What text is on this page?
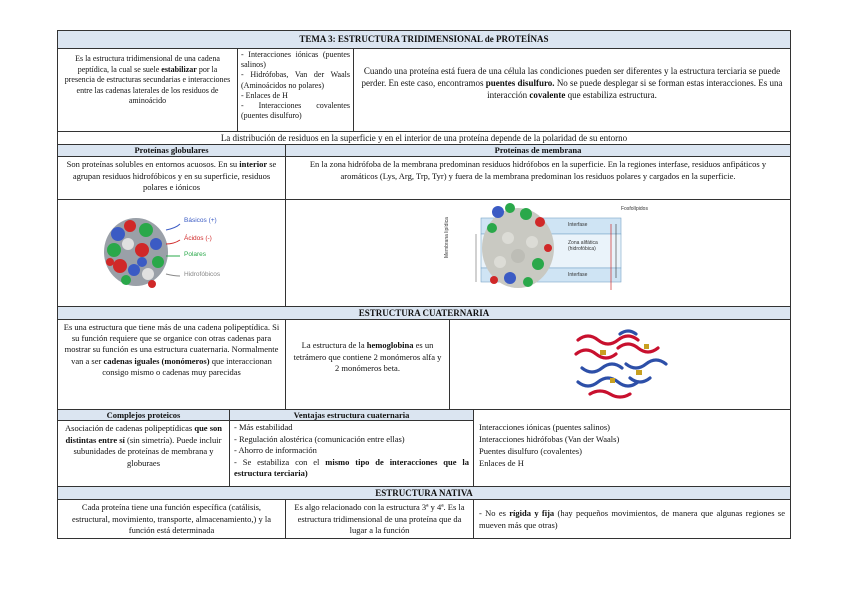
TEMA 3: ESTRUCTURA TRIDIMENSIONAL de PROTEÍNAS
Es la estructura tridimensional de una cadena peptídica, la cual se suele estabilizar por la presencia de estructuras secundarias e interacciones entre las cadenas laterales de los residuos de aminoácido

- Interacciones iónicas (puentes salinos)

- Hidrófobas, Van der Waals (Aminoácidos no polares)

- Enlaces de H

- Interacciones covalentes (puentes disulfuro)

Cuando una proteína está fuera de una célula las condiciones pueden ser diferentes y la estructura terciaria se puede perder. En este caso, encontramos puentes disulfuro. No se puede desplegar si se forman estas interacciones. Es una interacción covalente que estabiliza estructura.
La distribución de residuos en la superficie y en el interior de una proteína depende de la polaridad de su entorno
Proteínas globulares	Proteínas de membrana
Son proteínas solubles en entornos acuosos. En su interior se agrupan residuos hidrofóbicos y en su superficie, residuos polares e iónicos
En la zona hidrófoba de la membrana predominan residuos hidrófobos en la superficie. En la regiones interfase, residuos anfipáticos y aromáticos (Lys, Arg, Trp, Tyr) y fuera de la membrana predominan los residuos polares y cargados en la superficie.
Básicos (+)
Ácidos (-)
Polares
Hidrofóbicos
Fosfolípidos
Interfase
Zona alifática (hidrofóbica)
Interfase
Membrana lipídica
ESTRUCTURA CUATERNARIA
Es una estructura que tiene más de una cadena polipeptídica. Si su función requiere que se organice con otras cadenas para mostrar su función es una estructura cuaternaria. Normalmente van a ser cadenas iguales (monómeros) que interaccionan consigo mismo o cadenas muy parecidas
La estructura de la hemoglobina es un tetrámero que contiene 2 monómeros alfa y 2 monómeros beta.
Complejos proteicos	Ventajas estructura cuaternaria
Asociación de cadenas polipeptídicas que son distintas entre sí (sin simetría). Puede incluir subunidades de proteínas de membrana y globuraes

- Más estabilidad

- Regulación alostérica (comunicación entre ellas)

- Ahorro de información

- Se estabiliza con el mismo tipo de interacciones que la estructura terciaria)

Interacciones iónicas (puentes salinos)

Interacciones hidrófobas (Van der Waals)

Puentes disulfuro (covalentes)

Enlaces de H

ESTRUCTURA NATIVA
Cada proteína tiene una función específica (catálisis, estructural, movimiento, transporte, almacenamiento,) y la función está determinada
Es algo relacionado con la estructura 3ª y 4ª. Es la estructura tridimensional de una proteína que da lugar a la función
- No es rígida y fija (hay pequeños movimientos, de manera que algunas regiones se mueven más que otras)
